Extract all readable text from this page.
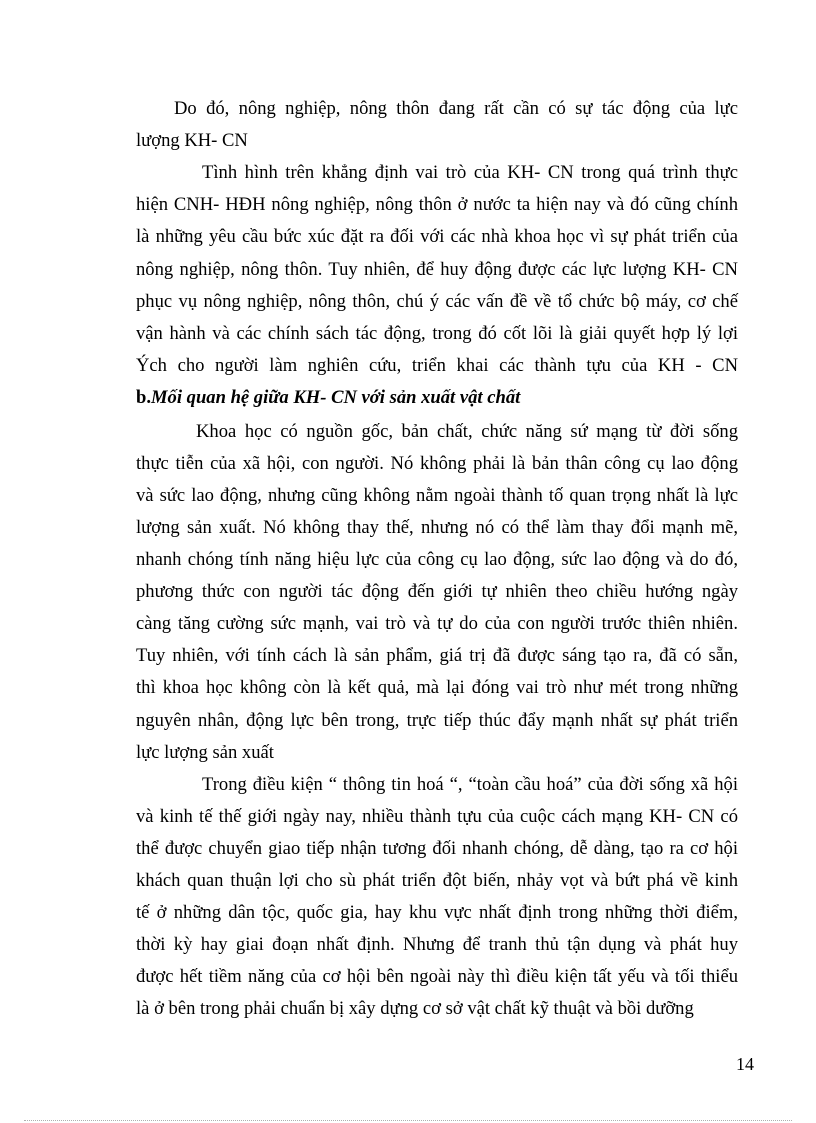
Do đó, nông nghiệp, nông thôn đang rất cần có sự tác động của lực
lượng KH- CN
Tình hình trên khẳng định vai trò của KH- CN trong quá trình thực
hiện CNH- HĐH nông nghiệp, nông thôn ở nước ta hiện nay và đó cũng chính
là những yêu cầu bức xúc đặt ra đối với các nhà khoa học vì sự phát triển của
nông nghiệp, nông thôn. Tuy nhiên, để huy động được các lực lượng KH- CN
phục vụ nông nghiệp, nông thôn, chú ý các vấn đề về tổ chức bộ máy, cơ chế
vận hành và các chính sách tác động, trong đó cốt lõi là giải quyết hợp lý lợi
Ých cho người làm nghiên cứu, triển khai các thành tựu của KH - CN
b.Mối quan hệ giữa KH- CN với sản xuất vật chất
Khoa học có nguồn gốc, bản chất, chức năng sứ mạng từ đời sống
thực tiễn của xã hội, con người. Nó không phải là bản thân công cụ lao động
và sức lao động, nhưng cũng không nằm ngoài thành tố quan trọng nhất là lực
lượng sản xuất. Nó không thay thế, nhưng nó có thể làm thay đổi mạnh mẽ,
nhanh chóng tính năng hiệu lực của công cụ lao động, sức lao động và do đó,
phương thức con người tác động đến giới tự nhiên theo chiều hướng ngày
càng tăng cường sức mạnh, vai trò và tự do của con người trước thiên nhiên.
Tuy nhiên, với tính cách là sản phẩm, giá trị đã được sáng tạo ra, đã có sẵn,
thì khoa học không còn là kết quả, mà lại đóng vai trò như mét trong những
nguyên nhân, động lực bên trong, trực tiếp thúc đẩy mạnh nhất sự phát triển
lực lượng sản xuất
Trong điều kiện “ thông tin hoá “, “toàn cầu hoá” của đời sống xã hội
và kinh tế thế giới ngày nay, nhiều thành tựu của cuộc cách mạng KH- CN có
thể được chuyển giao tiếp nhận tương đối nhanh chóng, dễ dàng, tạo ra cơ hội
khách quan thuận lợi cho sù phát triển đột biến, nhảy vọt và bứt phá về kinh
tế ở những dân tộc, quốc gia, hay khu vực nhất định trong những thời điểm,
thời kỳ hay giai đoạn nhất định. Nhưng để tranh thủ tận dụng và phát huy
được hết tiềm năng của cơ hội bên ngoài này thì điều kiện tất yếu và tối thiểu
là ở bên trong phải chuẩn bị xây dựng cơ sở vật chất kỹ thuật và bồi dưỡng
14
